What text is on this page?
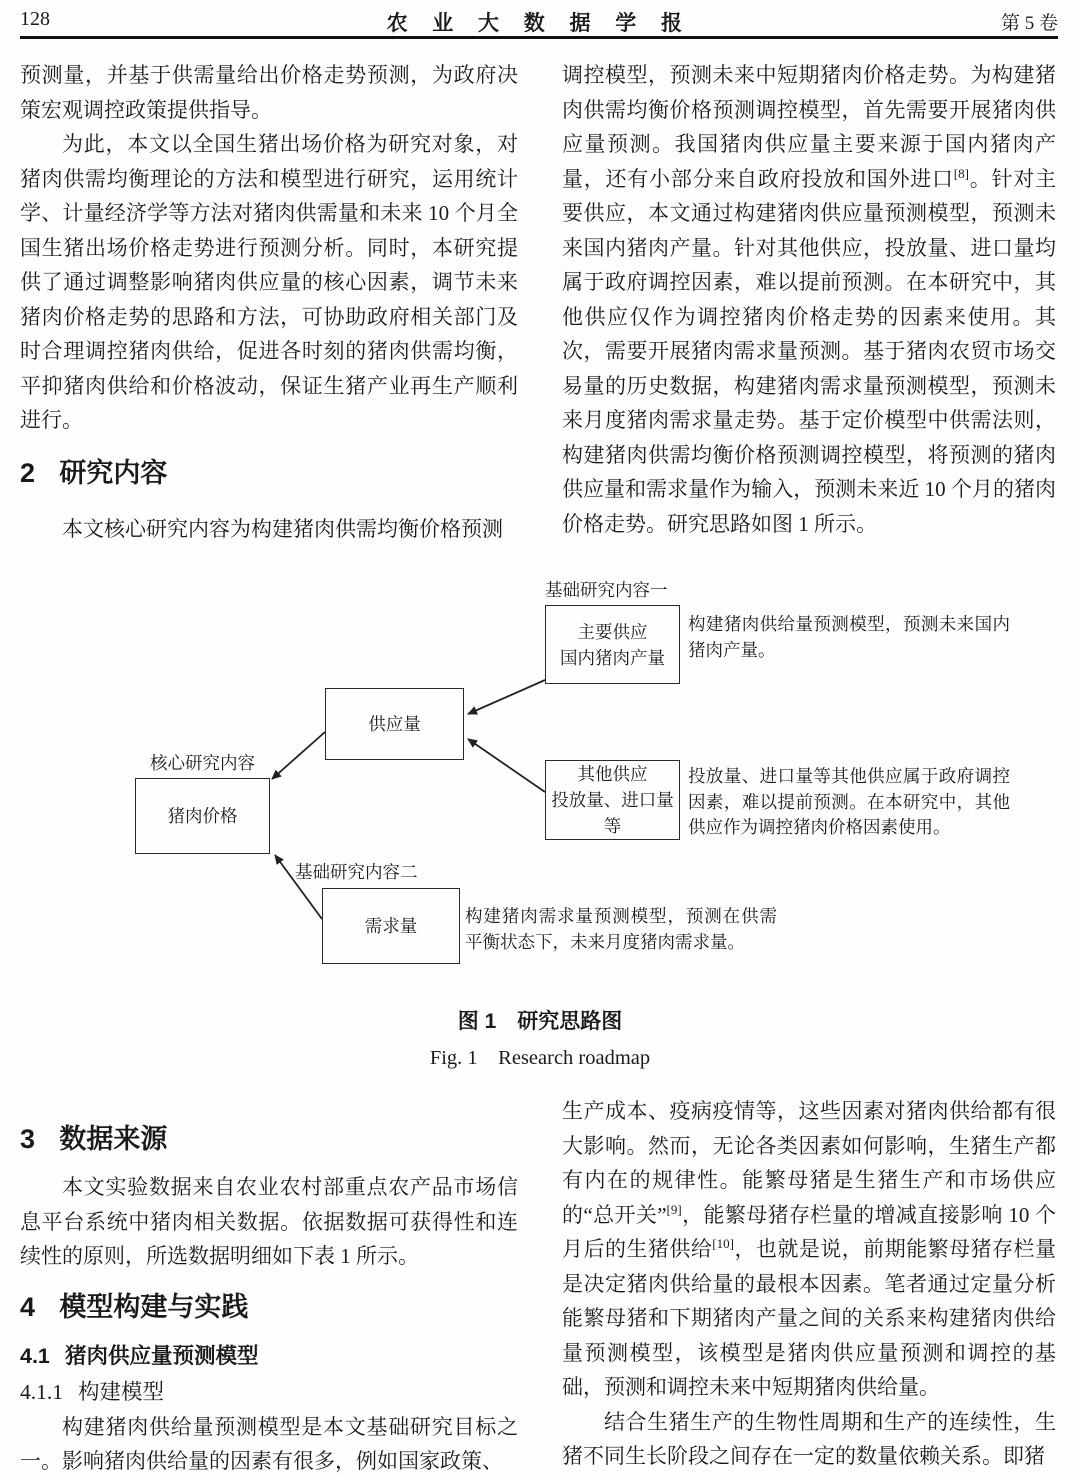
128	农 业 大 数 据 学 报	第 5 卷

预测量，并基于供需量给出价格走势预测，为政府决策宏观调控政策提供指导。

为此，本文以全国生猪出场价格为研究对象，对猪肉供需均衡理论的方法和模型进行研究，运用统计学、计量经济学等方法对猪肉供需量和未来 10 个月全国生猪出场价格走势进行预测分析。同时，本研究提供了通过调整影响猪肉供应量的核心因素，调节未来猪肉价格走势的思路和方法，可协助政府相关部门及时合理调控猪肉供给，促进各时刻的猪肉供需均衡，平抑猪肉供给和价格波动，保证生猪产业再生产顺利进行。

2 研究内容

本文核心研究内容为构建猪肉供需均衡价格预测

调控模型，预测未来中短期猪肉价格走势。为构建猪肉供需均衡价格预测调控模型，首先需要开展猪肉供应量预测。我国猪肉供应量主要来源于国内猪肉产量，还有小部分来自政府投放和国外进口[8]。针对主要供应，本文通过构建猪肉供应量预测模型，预测未来国内猪肉产量。针对其他供应，投放量、进口量均属于政府调控因素，难以提前预测。在本研究中，其他供应仅作为调控猪肉价格走势的因素来使用。其次，需要开展猪肉需求量预测。基于猪肉农贸市场交易量的历史数据，构建猪肉需求量预测模型，预测未来月度猪肉需求量走势。基于定价模型中供需法则，构建猪肉供需均衡价格预测调控模型，将预测的猪肉供应量和需求量作为输入，预测未来近 10 个月的猪肉价格走势。研究思路如图 1 所示。

基础研究内容一
主要供应
国内猪肉产量
构建猪肉供给量预测模型，预测未来国内猪肉产量。
供应量
核心研究内容
猪肉价格
其他供应
投放量、进口量等
投放量、进口量等其他供应属于政府调控因素，难以提前预测。在本研究中，其他供应作为调控猪肉价格因素使用。
基础研究内容二
需求量	构建猪肉需求量预测模型，预测在供需平衡状态下，未来月度猪肉需求量。
图 1　研究思路图
Fig. 1　Research roadmap
3 数据来源

本文实验数据来自农业农村部重点农产品市场信息平台系统中猪肉相关数据。依据数据可获得性和连续性的原则，所选数据明细如下表 1 所示。

4 模型构建与实践
4.1 猪肉供应量预测模型
4.1.1 构建模型

构建猪肉供给量预测模型是本文基础研究目标之一。影响猪肉供给量的因素有很多，例如国家政策、

生产成本、疫病疫情等，这些因素对猪肉供给都有很大影响。然而，无论各类因素如何影响，生猪生产都有内在的规律性。能繁母猪是生猪生产和市场供应的“总开关”[9]，能繁母猪存栏量的增减直接影响 10 个月后的生猪供给[10]，也就是说，前期能繁母猪存栏量是决定猪肉供给量的最根本因素。笔者通过定量分析能繁母猪和下期猪肉产量之间的关系来构建猪肉供给量预测模型，该模型是猪肉供应量预测和调控的基础，预测和调控未来中短期猪肉供给量。

结合生猪生产的生物性周期和生产的连续性，生猪不同生长阶段之间存在一定的数量依赖关系。即猪
